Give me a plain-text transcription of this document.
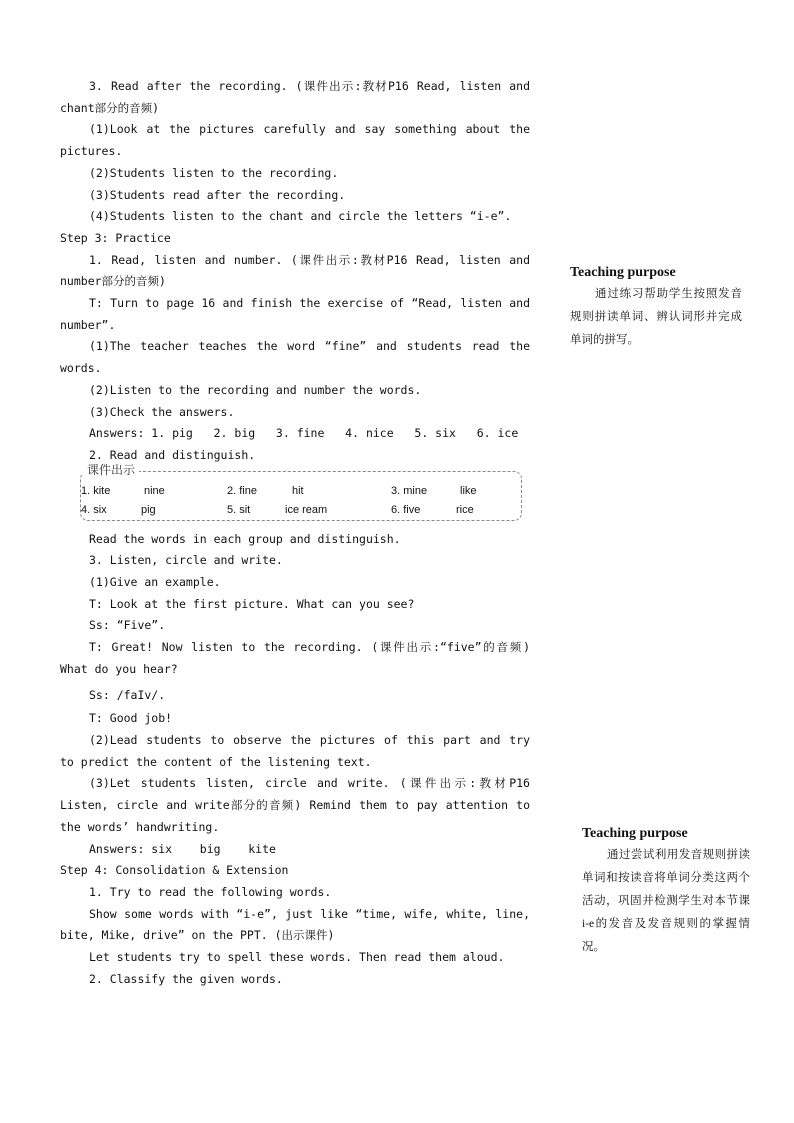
3. Read after the recording. (课件出示:教材P16 Read, listen and chant部分的音频)
(1)Look at the pictures carefully and say something about the pictures.
(2)Students listen to the recording.
(3)Students read after the recording.
(4)Students listen to the chant and circle the letters “i-e”.
Step 3: Practice
1. Read, listen and number. (课件出示:教材P16 Read, listen and number部分的音频)
T: Turn to page 16 and finish the exercise of “Read, listen and number”.
(1)The teacher teaches the word “fine” and students read the words.
(2)Listen to the recording and number the words.
(3)Check the answers.
Answers: 1. pig   2. big   3. fine   4. nice   5. six   6. ice
2. Read and distinguish.
课件出示
1. kite	nine	2. fine	hit	3. mine	like
4. six	pig	5. sit	ice ream	6. five	rice
Read the words in each group and distinguish.
3. Listen, circle and write.
(1)Give an example.
T: Look at the first picture. What can you see?
Ss: “Five”.
T: Great! Now listen to the recording. (课件出示:“five”的音频) What do you hear?
Ss: /faIv/.
T: Good job!
(2)Lead students to observe the pictures of this part and try to predict the content of the listening text.
(3)Let students listen, circle and write. (课件出示:教材P16 Listen, circle and write部分的音频) Remind them to pay attention to the words’ handwriting.
Answers: six    big    kite
Step 4: Consolidation & Extension
1. Try to read the following words.
Show some words with “i-e”, just like “time, wife, white, line, bite, Mike, drive” on the PPT. (出示课件)
Let students try to spell these words. Then read them aloud.
2. Classify the given words.
Teaching purpose
通过练习帮助学生按照发音规则拼读单词、辨认词形并完成单词的拼写。
Teaching purpose
通过尝试利用发音规则拼读单词和按读音将单词分类这两个活动，巩固并检测学生对本节课i-e的发音及发音规则的掌握情况。
